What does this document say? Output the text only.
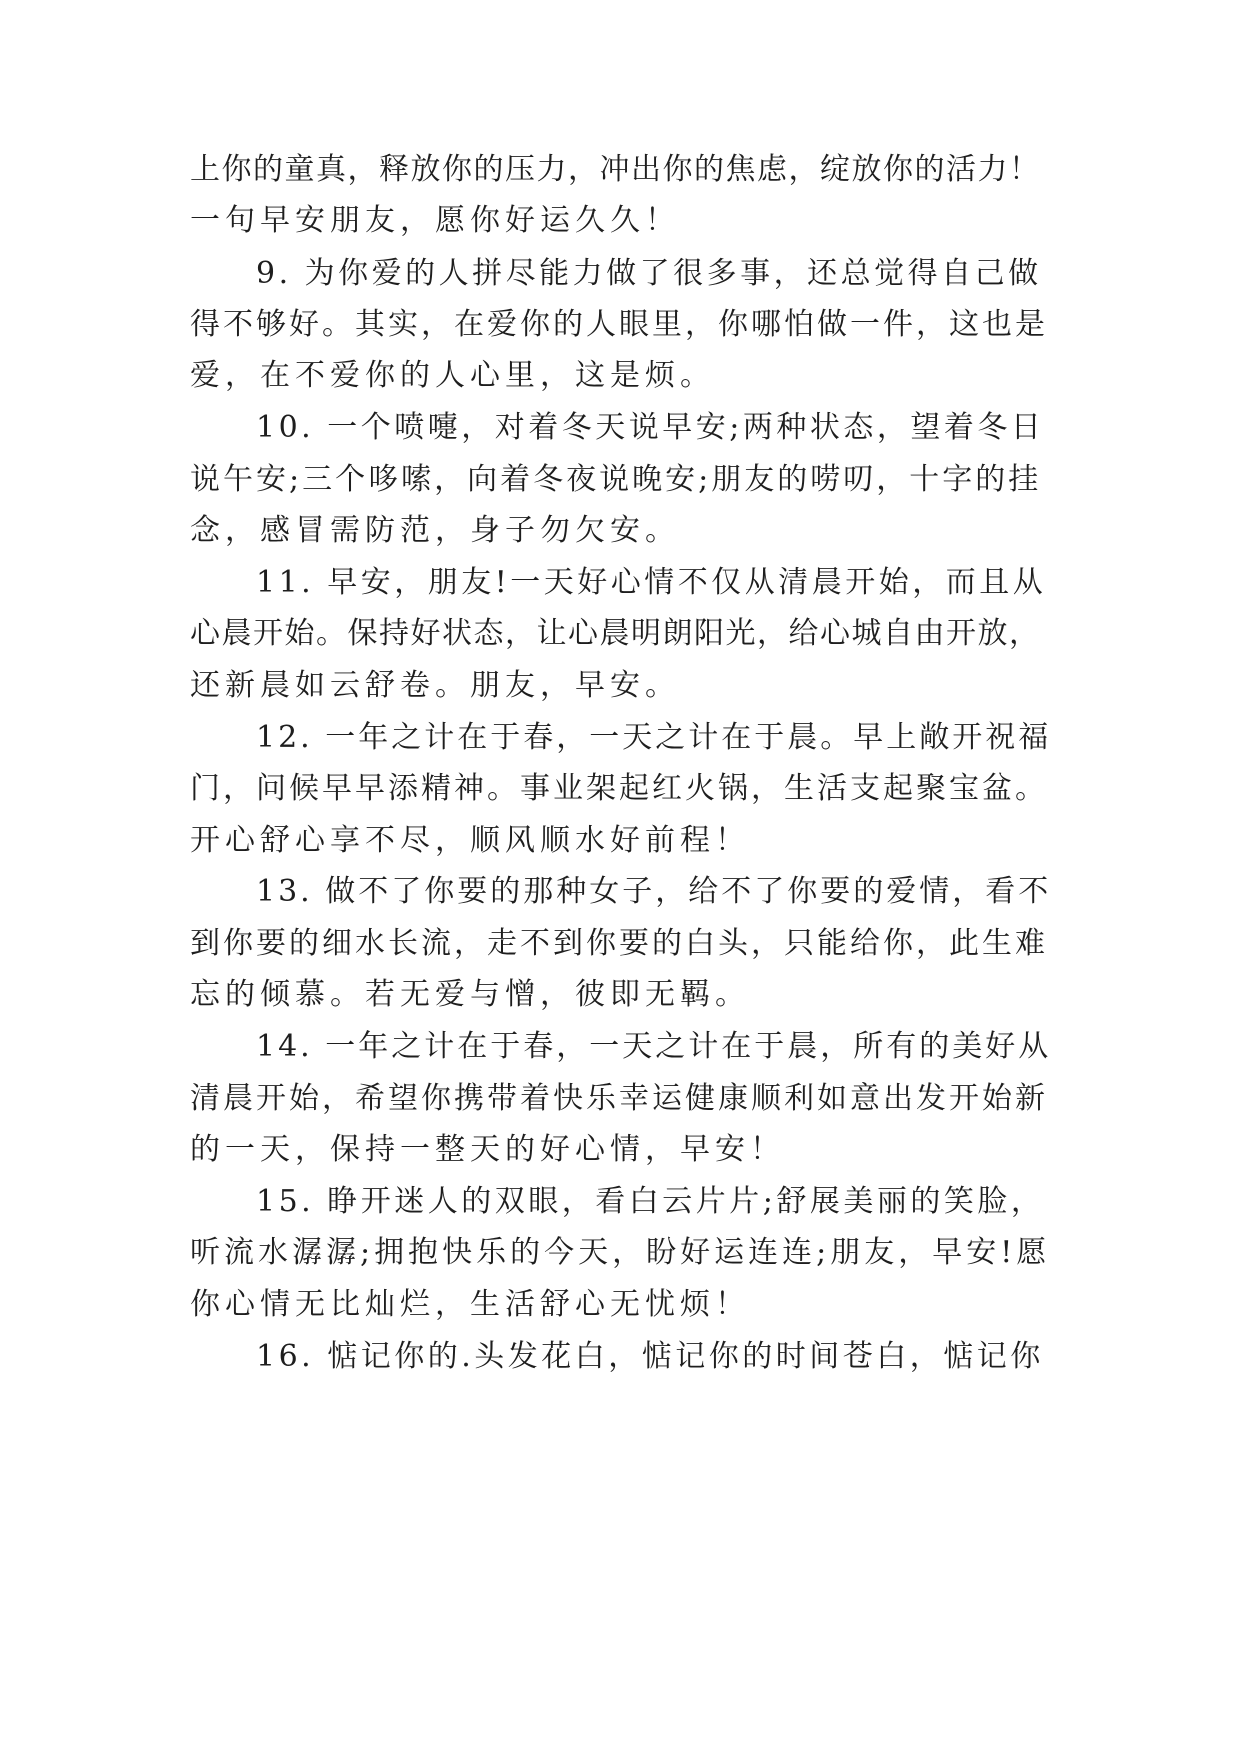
上你的童真，释放你的压力，冲出你的焦虑，绽放你的活力！
一句早安朋友，愿你好运久久！
9. 为你爱的人拼尽能力做了很多事，还总觉得自己做
得不够好。其实，在爱你的人眼里，你哪怕做一件，这也是
爱，在不爱你的人心里，这是烦。
10. 一个喷嚏，对着冬天说早安;两种状态，望着冬日
说午安;三个哆嗦，向着冬夜说晚安;朋友的唠叨，十字的挂
念，感冒需防范，身子勿欠安。
11. 早安，朋友!一天好心情不仅从清晨开始，而且从
心晨开始。保持好状态，让心晨明朗阳光，给心城自由开放，
还新晨如云舒卷。朋友，早安。
12. 一年之计在于春，一天之计在于晨。早上敞开祝福
门，问候早早添精神。事业架起红火锅，生活支起聚宝盆。
开心舒心享不尽，顺风顺水好前程！
13. 做不了你要的那种女子，给不了你要的爱情，看不
到你要的细水长流，走不到你要的白头，只能给你，此生难
忘的倾慕。若无爱与憎，彼即无羁。
14. 一年之计在于春，一天之计在于晨，所有的美好从
清晨开始，希望你携带着快乐幸运健康顺利如意出发开始新
的一天，保持一整天的好心情，早安！
15. 睁开迷人的双眼，看白云片片;舒展美丽的笑脸，
听流水潺潺;拥抱快乐的今天，盼好运连连;朋友，早安!愿
你心情无比灿烂，生活舒心无忧烦！
16. 惦记你的.头发花白，惦记你的时间苍白，惦记你
